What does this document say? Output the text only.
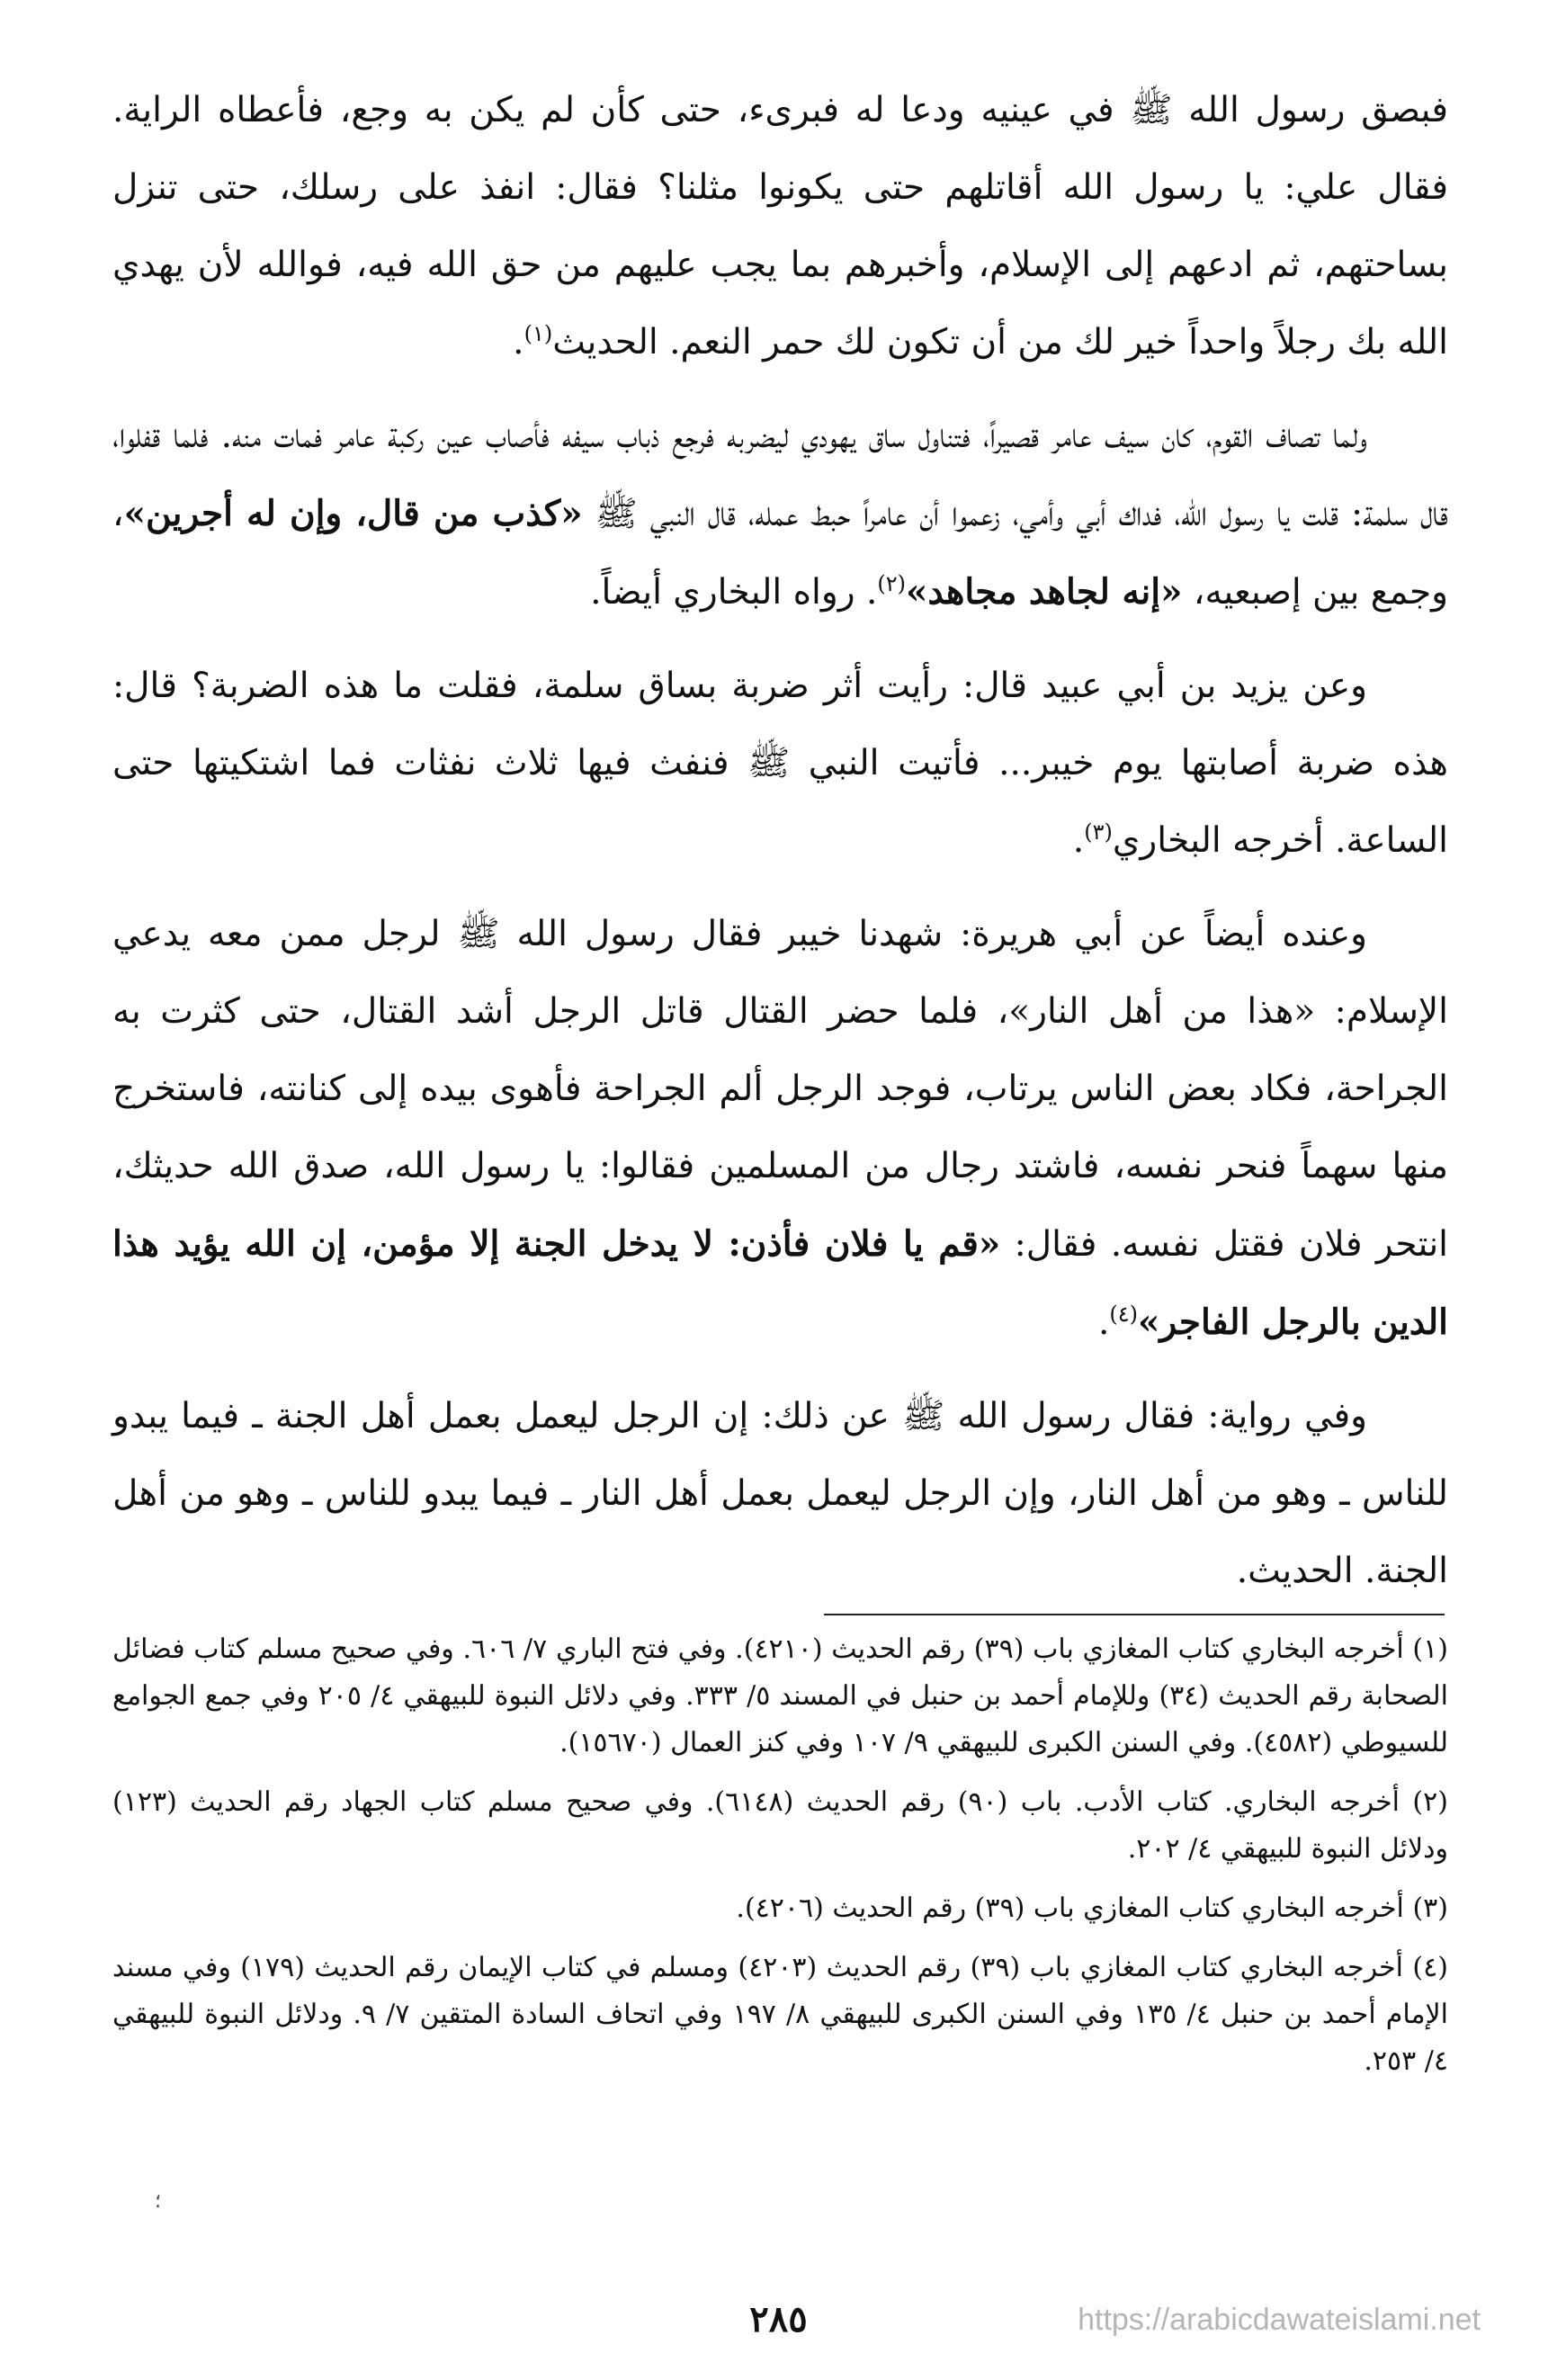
فبصق رسول الله ﷺ في عينيه ودعا له فبرىء، حتى كأن لم يكن به وجع، فأعطاه الراية. فقال علي: يا رسول الله أقاتلهم حتى يكونوا مثلنا؟ فقال: انفذ على رسلك، حتى تنزل بساحتهم، ثم ادعهم إلى الإسلام، وأخبرهم بما يجب عليهم من حق الله فيه، فوالله لأن يهدي الله بك رجلاً واحداً خير لك من أن تكون لك حمر النعم. الحديث$^{(١)}$.

ولما تصاف القوم، كان سيف عامر قصيراً، فتناول ساق يهودي ليضربه فرجع ذباب سيفه فأصاب عين ركبة عامر فمات منه. فلما قفلوا، قال سلمة: قلت يا رسول الله، فداك أبي وأمي، زعموا أن عامراً حبط عمله، قال النبي ﷺ «كذب من قال، وإن له أجرين»، وجمع بين إصبعيه، «إنه لجاهد مجاهد»$^{(٢)}$. رواه البخاري أيضاً.

وعن يزيد بن أبي عبيد قال: رأيت أثر ضربة بساق سلمة، فقلت ما هذه الضربة؟ قال: هذه ضربة أصابتها يوم خيبر... فأتيت النبي ﷺ فنفث فيها ثلاث نفثات فما اشتكيتها حتى الساعة. أخرجه البخاري$^{(٣)}$.

وعنده أيضاً عن أبي هريرة: شهدنا خيبر فقال رسول الله ﷺ لرجل ممن معه يدعي الإسلام: «هذا من أهل النار»، فلما حضر القتال قاتل الرجل أشد القتال، حتى كثرت به الجراحة، فكاد بعض الناس يرتاب، فوجد الرجل ألم الجراحة فأهوى بيده إلى كنانته، فاستخرج منها سهماً فنحر نفسه، فاشتد رجال من المسلمين فقالوا: يا رسول الله، صدق الله حديثك، انتحر فلان فقتل نفسه. فقال: «قم يا فلان فأذن: لا يدخل الجنة إلا مؤمن، إن الله يؤيد هذا الدين بالرجل الفاجر»$^{(٤)}$.

وفي رواية: فقال رسول الله ﷺ عن ذلك: إن الرجل ليعمل بعمل أهل الجنة ـ فيما يبدو للناس ـ وهو من أهل النار، وإن الرجل ليعمل بعمل أهل النار ـ فيما يبدو للناس ـ وهو من أهل الجنة. الحديث.

(١) أخرجه البخاري كتاب المغازي باب (٣٩) رقم الحديث (٤٢١٠). وفي فتح الباري ٧/ ٦٠٦. وفي صحيح مسلم كتاب فضائل الصحابة رقم الحديث (٣٤) وللإمام أحمد بن حنبل في المسند ٥/ ٣٣٣. وفي دلائل النبوة للبيهقي ٤/ ٢٠٥ وفي جمع الجوامع للسيوطي (٤٥٨٢). وفي السنن الكبرى للبيهقي ٩/ ١٠٧ وفي كنز العمال (١٥٦٧٠).

(٢) أخرجه البخاري. كتاب الأدب. باب (٩٠) رقم الحديث (٦١٤٨). وفي صحيح مسلم كتاب الجهاد رقم الحديث (١٢٣) ودلائل النبوة للبيهقي ٤/ ٢٠٢.

(٣) أخرجه البخاري كتاب المغازي باب (٣٩) رقم الحديث (٤٢٠٦).

(٤) أخرجه البخاري كتاب المغازي باب (٣٩) رقم الحديث (٤٢٠٣) ومسلم في كتاب الإيمان رقم الحديث (١٧٩) وفي مسند الإمام أحمد بن حنبل ٤/ ١٣٥ وفي السنن الكبرى للبيهقي ٨/ ١٩٧ وفي اتحاف السادة المتقين ٧/ ٩. ودلائل النبوة للبيهقي ٤/ ٢٥٣.

؛
٢٨٥	https://arabicdawateislami.net
